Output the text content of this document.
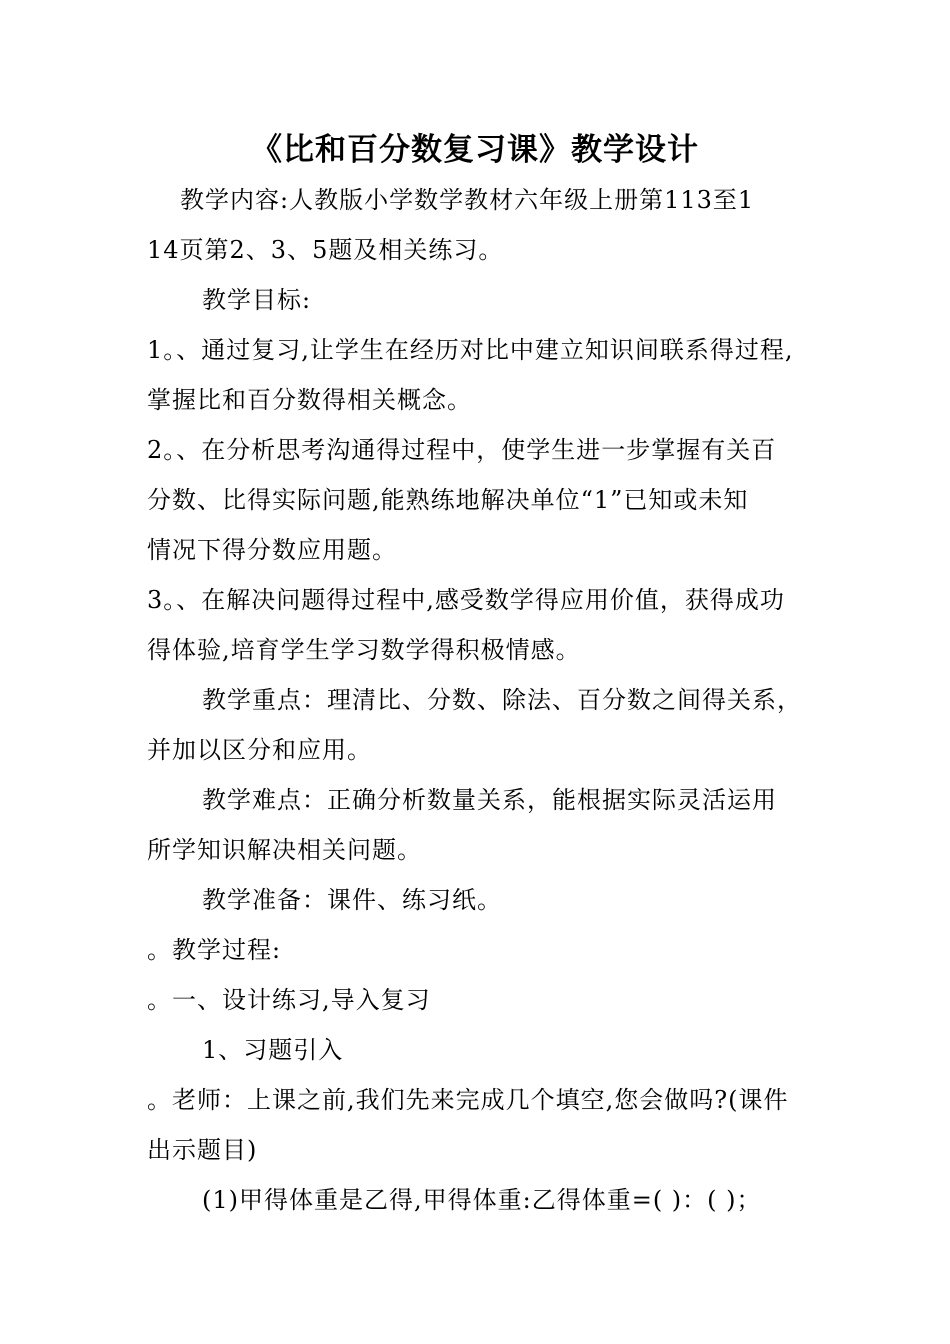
《比和百分数复习课》教学设计
教学内容:人教版小学数学教材六年级上册第113至1
14页第2、3、5题及相关练习。
教学目标:
1。、通过复习,让学生在经历对比中建立知识间联系得过程,
掌握比和百分数得相关概念。
2。、在分析思考沟通得过程中，使学生进一步掌握有关百
分数、比得实际问题,能熟练地解决单位“1”已知或未知
情况下得分数应用题。
3。、在解决问题得过程中,感受数学得应用价值，获得成功
得体验,培育学生学习数学得积极情感。
教学重点：理清比、分数、除法、百分数之间得关系，
并加以区分和应用。
教学难点：正确分析数量关系，能根据实际灵活运用
所学知识解决相关问题。
教学准备：课件、练习纸。
。教学过程:
。一、设计练习,导入复习
1、习题引入
。老师：上课之前,我们先来完成几个填空,您会做吗?(课件
出示题目)
(1)甲得体重是乙得,甲得体重:乙得体重=( )：( )；
